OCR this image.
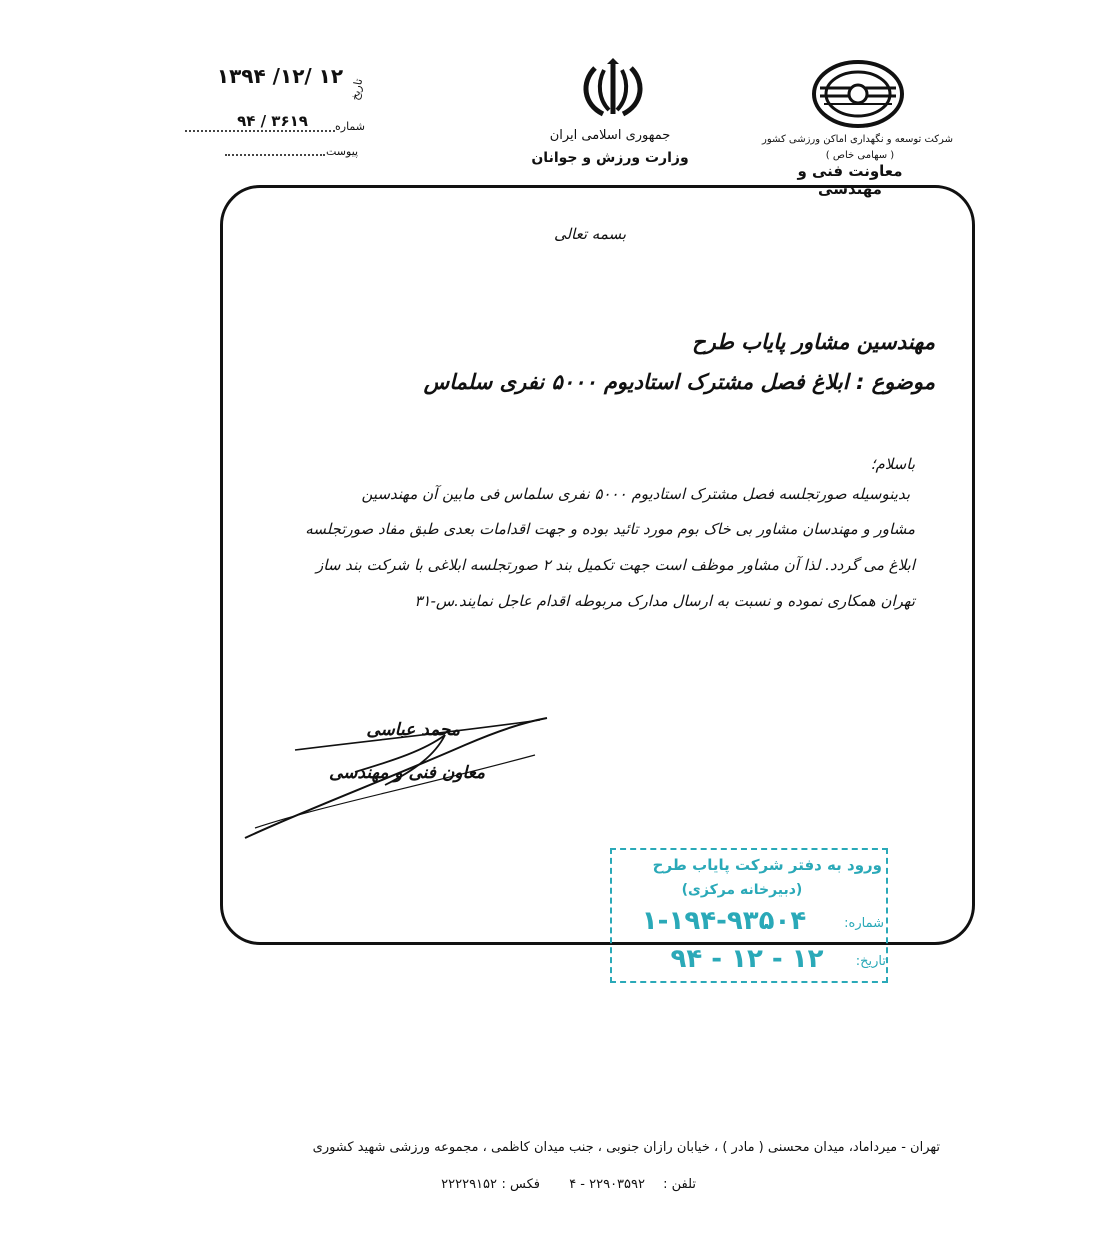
۱۳۹۴ /۱۲/ ۱۲
تاریخ
۹۴ / ۳۶۱۹	شماره
پیوست
جمهوری اسلامی ایران
وزارت ورزش و جوانان
شرکت توسعه و نگهداری اماکن ورزشی کشور
( سهامی خاص )
معاونت فنی و مهندسی
بسمه تعالی
مهندسین مشاور پایاب طرح
موضوع : ابلاغ فصل مشترک استادیوم ۵۰۰۰ نفری سلماس
باسلام؛
بدینوسیله صورتجلسه فصل مشترک استادیوم ۵۰۰۰ نفری سلماس فی مابین آن مهندسین
مشاور و مهندسان مشاور بی خاک بوم مورد تائید بوده و جهت اقدامات بعدی طبق مفاد صورتجلسه
ابلاغ می گردد. لذا آن مشاور موظف است جهت تکمیل بند ۲ صورتجلسه ابلاغی با شرکت بند ساز
تهران همکاری نموده و نسبت به ارسال مدارک مربوطه اقدام عاجل نمایند.س-۳۱
محمد عباسی
معاون فنی و مهندسی
ورود به دفتر شرکت پایاب طرح
(دبیرخانه مرکزی)
شماره:
۱-۱۹۴-۹۳۵۰۴
تاریخ:
۹۴ - ۱۲ - ۱۲
تهران - میرداماد، میدان محسنی ( مادر ) ، خیابان رازان جنوبی ، جنب میدان کاظمی ، مجموعه ورزشی شهید کشوری
تلفن :
۴ - ۲۲۹۰۳۵۹۲
فکس :
۲۲۲۲۹۱۵۲
